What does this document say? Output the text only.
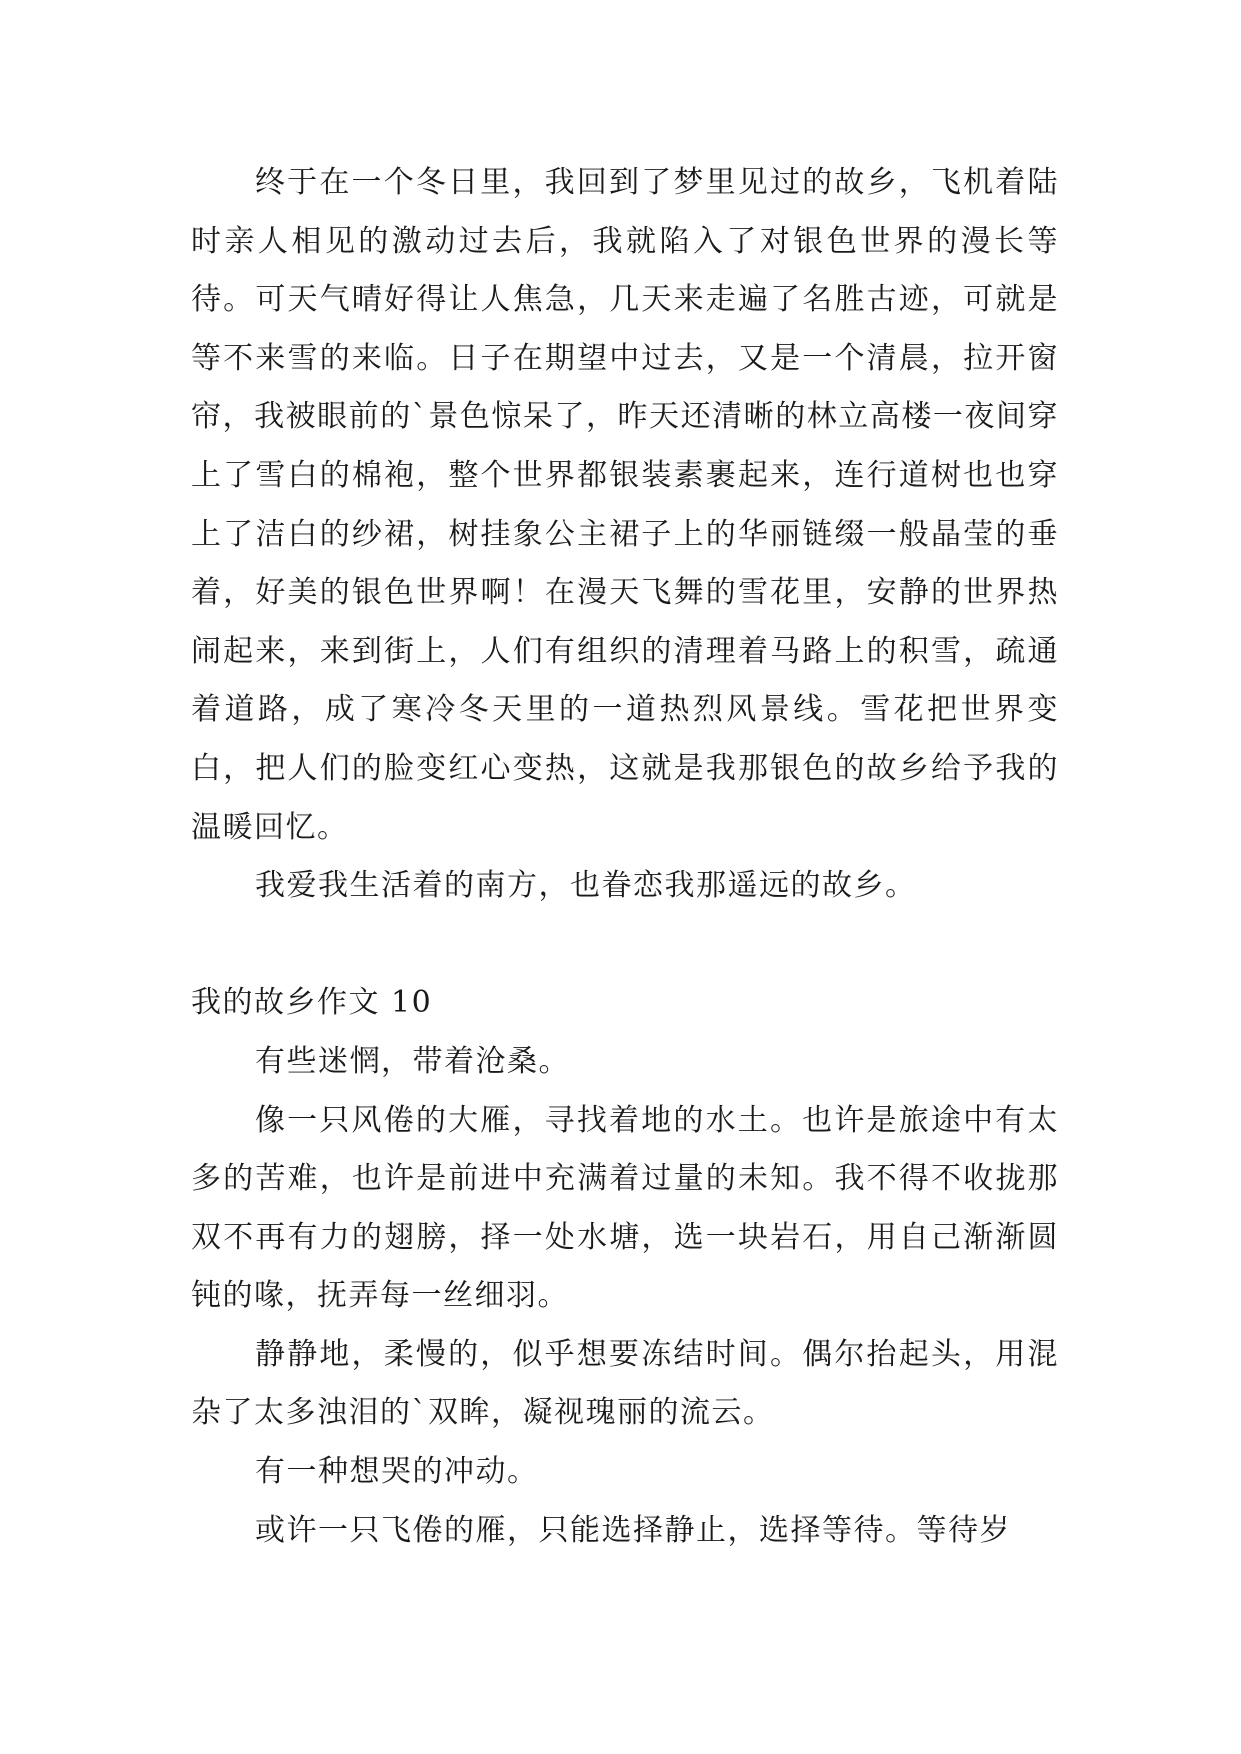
终于在一个冬日里，我回到了梦里见过的故乡，飞机着陆时亲人相见的激动过去后，我就陷入了对银色世界的漫长等待。可天气晴好得让人焦急，几天来走遍了名胜古迹，可就是等不来雪的来临。日子在期望中过去，又是一个清晨，拉开窗帘，我被眼前的`景色惊呆了，昨天还清晰的林立高楼一夜间穿上了雪白的棉袍，整个世界都银装素裹起来，连行道树也也穿上了洁白的纱裙，树挂象公主裙子上的华丽链缀一般晶莹的垂着，好美的银色世界啊！在漫天飞舞的雪花里，安静的世界热闹起来，来到街上，人们有组织的清理着马路上的积雪，疏通着道路，成了寒冷冬天里的一道热烈风景线。雪花把世界变白，把人们的脸变红心变热，这就是我那银色的故乡给予我的温暖回忆。

我爱我生活着的南方，也眷恋我那遥远的故乡。

我的故乡作文 10

有些迷惘，带着沧桑。

像一只风倦的大雁，寻找着地的水土。也许是旅途中有太多的苦难，也许是前进中充满着过量的未知。我不得不收拢那双不再有力的翅膀，择一处水塘，选一块岩石，用自己渐渐圆钝的喙，抚弄每一丝细羽。

静静地，柔慢的，似乎想要冻结时间。偶尔抬起头，用混杂了太多浊泪的`双眸，凝视瑰丽的流云。

有一种想哭的冲动。

或许一只飞倦的雁，只能选择静止，选择等待。等待岁
